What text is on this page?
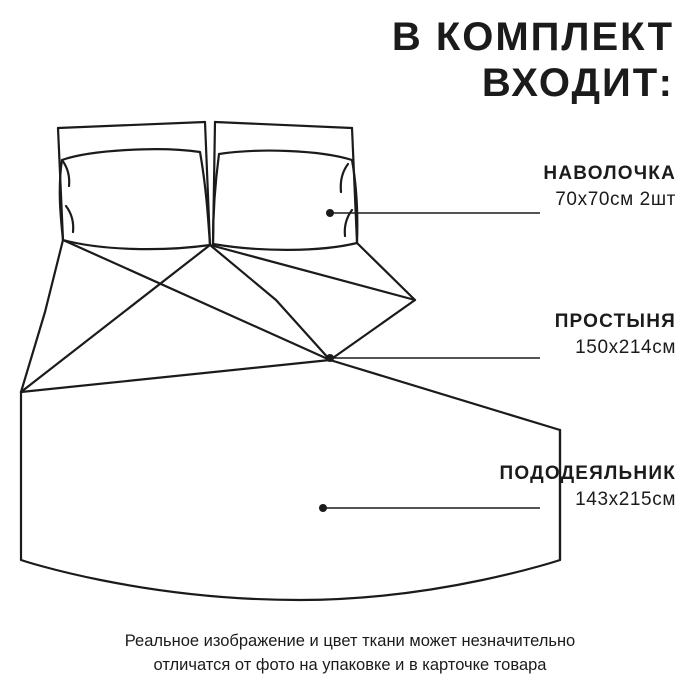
В КОМПЛЕКТ
ВХОДИТ:
НАВОЛОЧКА
70х70см 2шт
ПРОСТЫНЯ
150х214см
ПОДОДЕЯЛЬНИК
143х215см
Реальное изображение и цвет ткани может незначительно
отличатся от фото на упаковке и в карточке товара
